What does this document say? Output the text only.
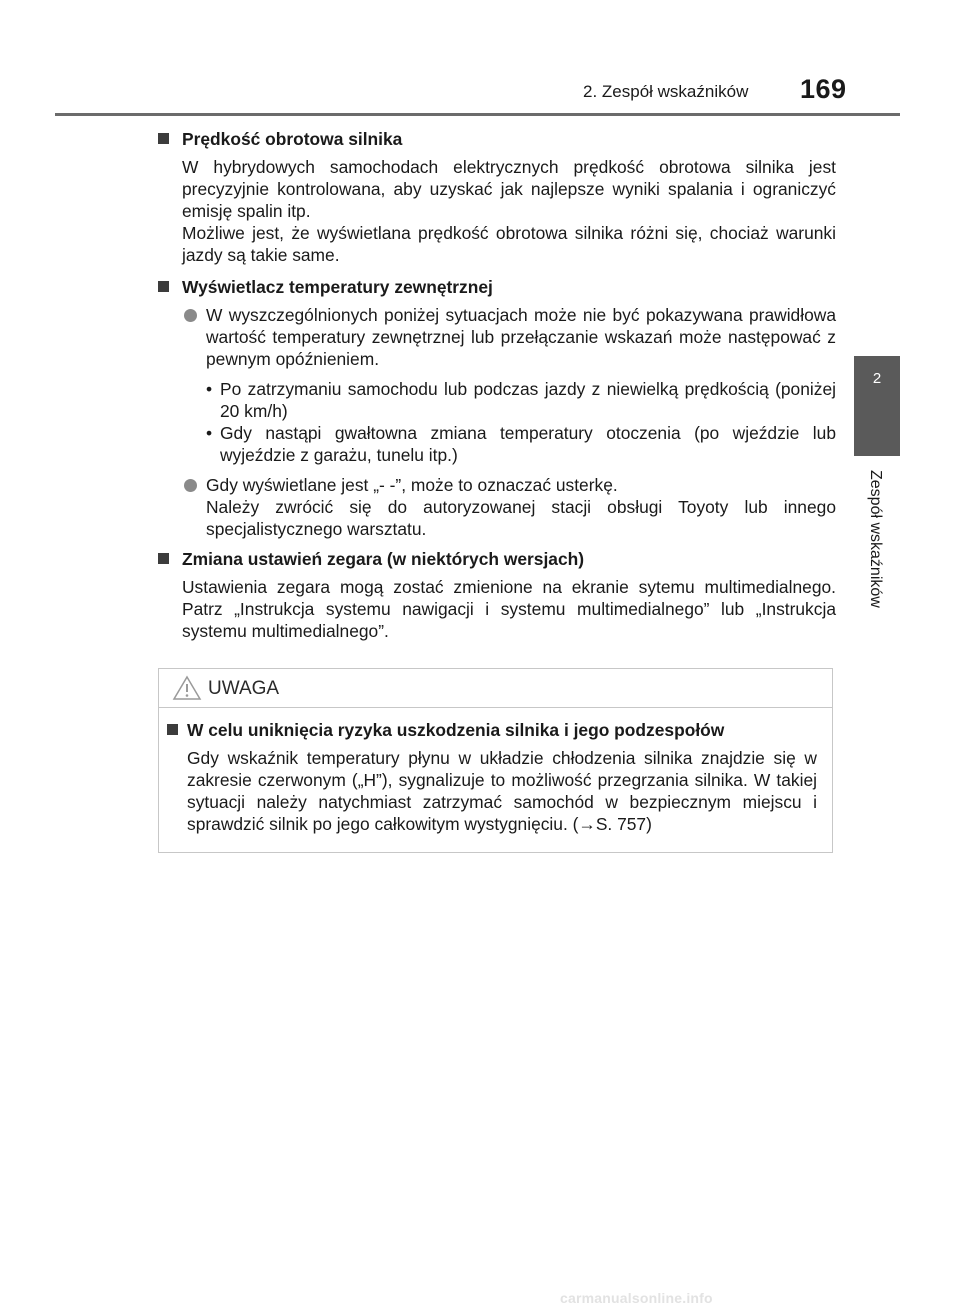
2. Zespół wskaźników 169
2
Zespół wskaźników
Prędkość obrotowa silnika

W hybrydowych samochodach elektrycznych prędkość obrotowa silnika jest precyzyjnie kontrolowana, aby uzyskać jak najlepsze wyniki spalania i ograniczyć emisję spalin itp.

Możliwe jest, że wyświetlana prędkość obrotowa silnika różni się, chociaż warunki jazdy są takie same.

Wyświetlacz temperatury zewnętrznej
W wyszczególnionych poniżej sytuacjach może nie być pokazywana prawidłowa wartość temperatury zewnętrznej lub przełączanie wskazań może następować z pewnym opóźnieniem.
• Po zatrzymaniu samochodu lub podczas jazdy z niewielką prędkością (poniżej 20 km/h)
• Gdy nastąpi gwałtowna zmiana temperatury otoczenia (po wjeździe lub wyjeździe z garażu, tunelu itp.)
Gdy wyświetlane jest „- -”, może to oznaczać usterkę.
Należy zwrócić się do autoryzowanej stacji obsługi Toyoty lub innego specjalistycznego warsztatu.
Zmiana ustawień zegara (w niektórych wersjach)

Ustawienia zegara mogą zostać zmienione na ekranie sytemu multimedialnego. Patrz „Instrukcja systemu nawigacji i systemu multimedialnego” lub „Instrukcja systemu multimedialnego”.

UWAGA
W celu uniknięcia ryzyka uszkodzenia silnika i jego podzespołów

Gdy wskaźnik temperatury płynu w układzie chłodzenia silnika znajdzie się w zakresie czerwonym („H”), sygnalizuje to możliwość przegrzania silnika. W takiej sytuacji należy natychmiast zatrzymać samochód w bezpiecznym miejscu i sprawdzić silnik po jego całkowitym wystygnięciu. (→S. 757)

carmanualsonline.info
